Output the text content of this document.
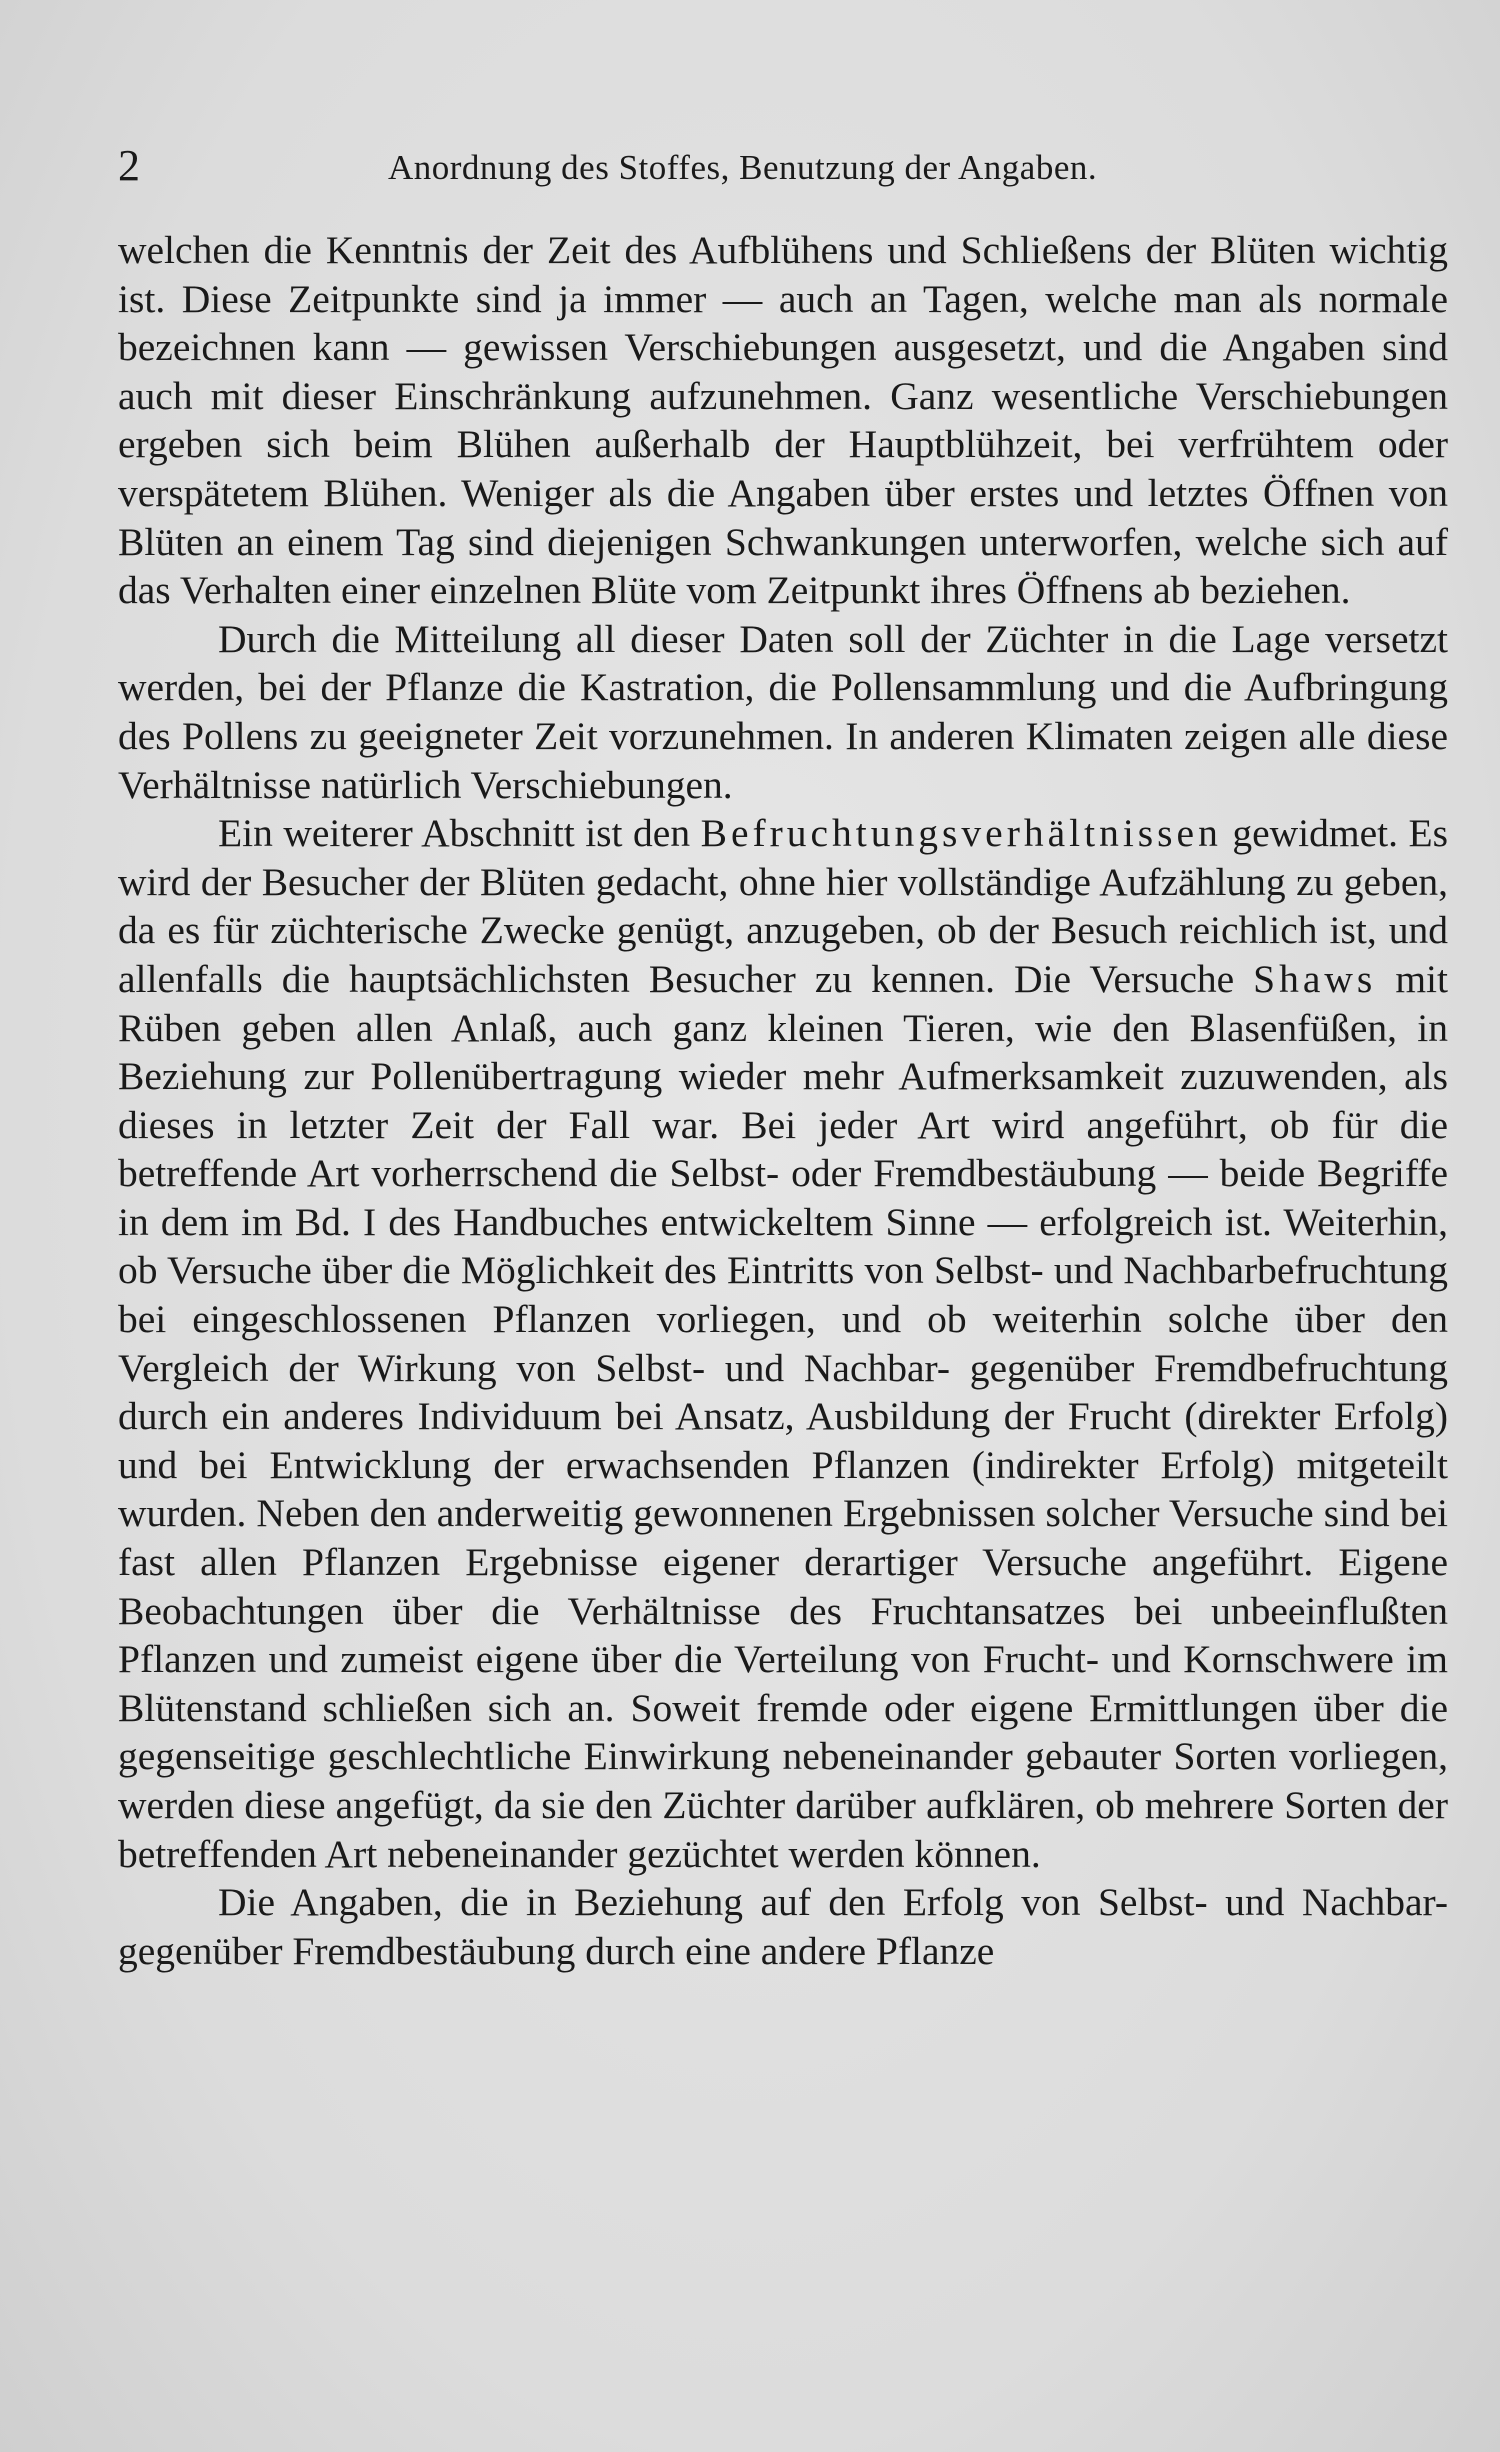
2	Anordnung des Stoffes, Benutzung der Angaben.

welchen die Kenntnis der Zeit des Aufblühens und Schließens der Blüten wichtig ist. Diese Zeitpunkte sind ja immer — auch an Tagen, welche man als normale bezeichnen kann — gewissen Verschiebungen ausgesetzt, und die Angaben sind auch mit dieser Einschränkung aufzunehmen. Ganz wesentliche Verschiebungen ergeben sich beim Blühen außerhalb der Hauptblühzeit, bei verfrühtem oder verspätetem Blühen. Weniger als die Angaben über erstes und letztes Öffnen von Blüten an einem Tag sind diejenigen Schwankungen unterworfen, welche sich auf das Verhalten einer einzelnen Blüte vom Zeitpunkt ihres Öffnens ab beziehen.

Durch die Mitteilung all dieser Daten soll der Züchter in die Lage versetzt werden, bei der Pflanze die Kastration, die Pollensammlung und die Aufbringung des Pollens zu geeigneter Zeit vorzunehmen. In anderen Klimaten zeigen alle diese Verhältnisse natürlich Verschiebungen.

Ein weiterer Abschnitt ist den Befruchtungsverhältnissen gewidmet. Es wird der Besucher der Blüten gedacht, ohne hier vollständige Aufzählung zu geben, da es für züchterische Zwecke genügt, anzugeben, ob der Besuch reichlich ist, und allenfalls die hauptsächlichsten Besucher zu kennen. Die Versuche Shaws mit Rüben geben allen Anlaß, auch ganz kleinen Tieren, wie den Blasenfüßen, in Beziehung zur Pollenübertragung wieder mehr Aufmerksamkeit zuzuwenden, als dieses in letzter Zeit der Fall war. Bei jeder Art wird angeführt, ob für die betreffende Art vorherrschend die Selbst- oder Fremdbestäubung — beide Begriffe in dem im Bd. I des Handbuches entwickeltem Sinne — erfolgreich ist. Weiterhin, ob Versuche über die Möglichkeit des Eintritts von Selbst- und Nachbarbefruchtung bei eingeschlossenen Pflanzen vorliegen, und ob weiterhin solche über den Vergleich der Wirkung von Selbst- und Nachbar- gegenüber Fremdbefruchtung durch ein anderes Individuum bei Ansatz, Ausbildung der Frucht (direkter Erfolg) und bei Entwicklung der erwachsenden Pflanzen (indirekter Erfolg) mitgeteilt wurden. Neben den anderweitig gewonnenen Ergebnissen solcher Versuche sind bei fast allen Pflanzen Ergebnisse eigener derartiger Versuche angeführt. Eigene Beobachtungen über die Verhältnisse des Fruchtansatzes bei unbeeinflußten Pflanzen und zumeist eigene über die Verteilung von Frucht- und Kornschwere im Blütenstand schließen sich an. Soweit fremde oder eigene Ermittlungen über die gegenseitige geschlechtliche Einwirkung nebeneinander gebauter Sorten vorliegen, werden diese angefügt, da sie den Züchter darüber aufklären, ob mehrere Sorten der betreffenden Art nebeneinander gezüchtet werden können.

Die Angaben, die in Beziehung auf den Erfolg von Selbst- und Nachbar- gegenüber Fremdbestäubung durch eine andere Pflanze
